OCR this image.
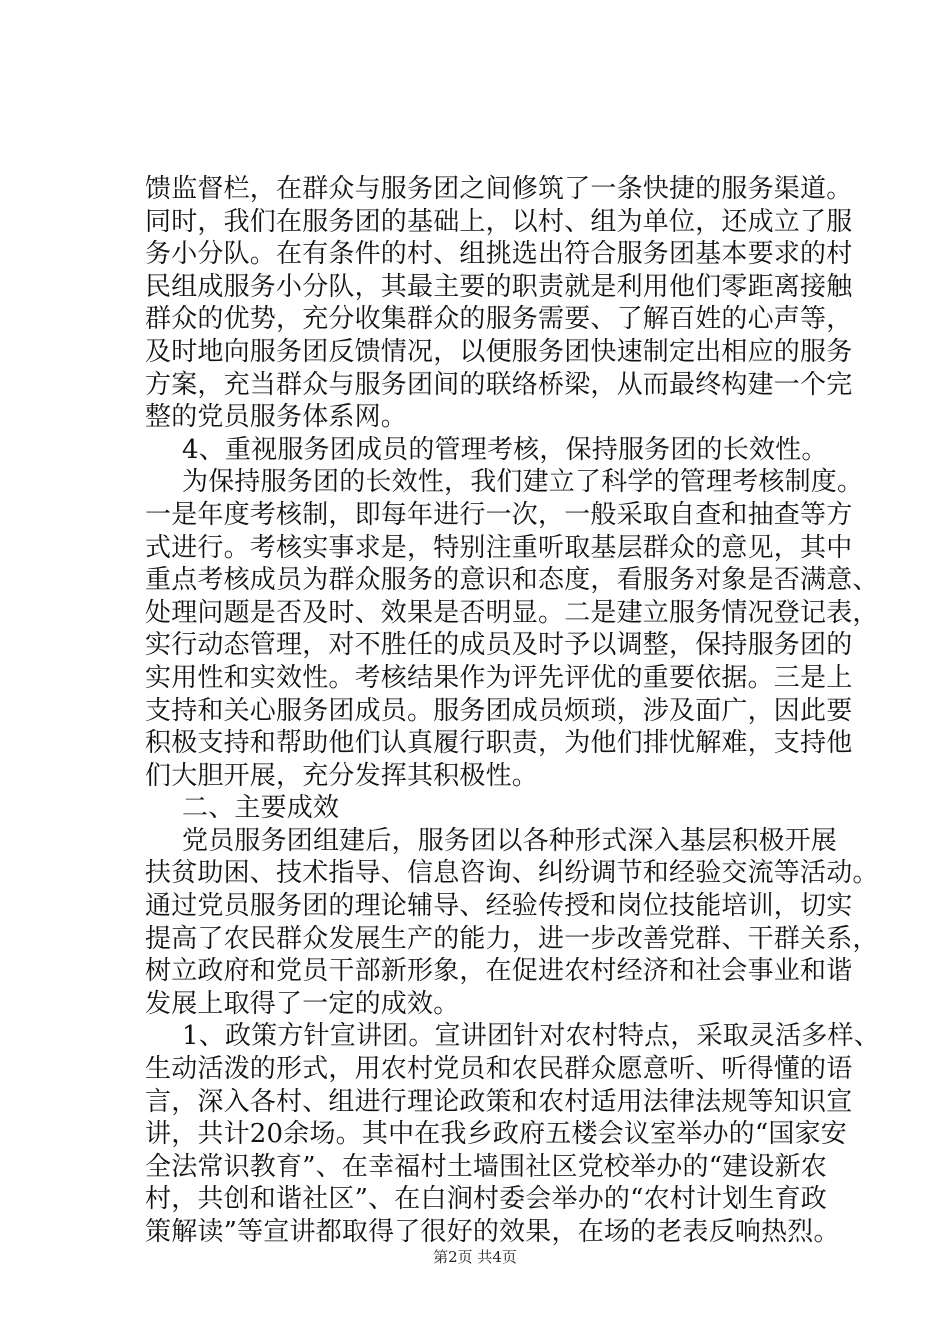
馈监督栏，在群众与服务团之间修筑了一条快捷的服务渠道。
同时，我们在服务团的基础上，以村、组为单位，还成立了服
务小分队。在有条件的村、组挑选出符合服务团基本要求的村
民组成服务小分队，其最主要的职责就是利用他们零距离接触
群众的优势，充分收集群众的服务需要、了解百姓的心声等，
及时地向服务团反馈情况，以便服务团快速制定出相应的服务
方案，充当群众与服务团间的联络桥梁，从而最终构建一个完
整的党员服务体系网。
4、重视服务团成员的管理考核，保持服务团的长效性。
为保持服务团的长效性，我们建立了科学的管理考核制度。
一是年度考核制，即每年进行一次，一般采取自查和抽查等方
式进行。考核实事求是，特别注重听取基层群众的意见，其中
重点考核成员为群众服务的意识和态度，看服务对象是否满意、
处理问题是否及时、效果是否明显。二是建立服务情况登记表，
实行动态管理，对不胜任的成员及时予以调整，保持服务团的
实用性和实效性。考核结果作为评先评优的重要依据。三是上
支持和关心服务团成员。服务团成员烦琐，涉及面广，因此要
积极支持和帮助他们认真履行职责，为他们排忧解难，支持他
们大胆开展，充分发挥其积极性。
二、主要成效
党员服务团组建后，服务团以各种形式深入基层积极开展
扶贫助困、技术指导、信息咨询、纠纷调节和经验交流等活动。
通过党员服务团的理论辅导、经验传授和岗位技能培训，切实
提高了农民群众发展生产的能力，进一步改善党群、干群关系，
树立政府和党员干部新形象，在促进农村经济和社会事业和谐
发展上取得了一定的成效。
1、政策方针宣讲团。宣讲团针对农村特点，采取灵活多样、
生动活泼的形式，用农村党员和农民群众愿意听、听得懂的语
言，深入各村、组进行理论政策和农村适用法律法规等知识宣
讲，共计20余场。其中在我乡政府五楼会议室举办的“国家安
全法常识教育”、在幸福村土墙围社区党校举办的“建设新农
村，共创和谐社区”、在白涧村委会举办的“农村计划生育政
策解读”等宣讲都取得了很好的效果，在场的老表反响热烈。
第2页 共4页
